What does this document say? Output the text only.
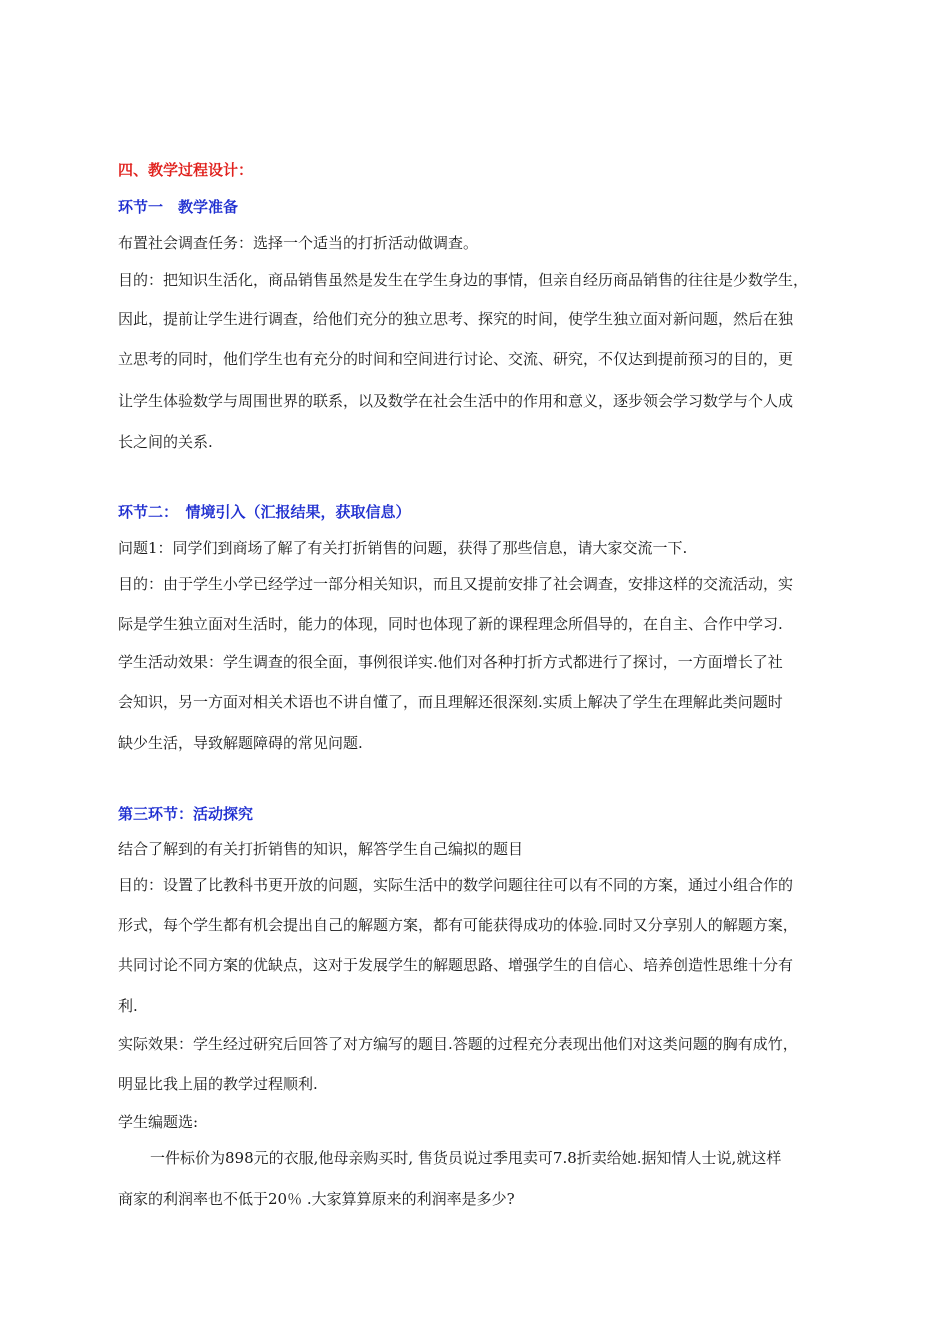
四、教学过程设计：
环节一　教学准备
布置社会调查任务：选择一个适当的打折活动做调查。
目的：把知识生活化，商品销售虽然是发生在学生身边的事情，但亲自经历商品销售的往往是少数学生，
因此，提前让学生进行调查，给他们充分的独立思考、探究的时间，使学生独立面对新问题，然后在独
立思考的同时，他们学生也有充分的时间和空间进行讨论、交流、研究，不仅达到提前预习的目的，更
让学生体验数学与周围世界的联系，以及数学在社会生活中的作用和意义，逐步领会学习数学与个人成
长之间的关系.
环节二：　情境引入（汇报结果，获取信息）
问题1：同学们到商场了解了有关打折销售的问题，获得了那些信息，请大家交流一下.
目的：由于学生小学已经学过一部分相关知识，而且又提前安排了社会调查，安排这样的交流活动，实
际是学生独立面对生活时，能力的体现，同时也体现了新的课程理念所倡导的，在自主、合作中学习.
学生活动效果：学生调查的很全面，事例很详实.他们对各种打折方式都进行了探讨，一方面增长了社
会知识，另一方面对相关术语也不讲自懂了，而且理解还很深刻.实质上解决了学生在理解此类问题时
缺少生活，导致解题障碍的常见问题.
第三环节：活动探究
结合了解到的有关打折销售的知识，解答学生自己编拟的题目
目的：设置了比教科书更开放的问题，实际生活中的数学问题往往可以有不同的方案，通过小组合作的
形式，每个学生都有机会提出自己的解题方案，都有可能获得成功的体验.同时又分享别人的解题方案，
共同讨论不同方案的优缺点，这对于发展学生的解题思路、增强学生的自信心、培养创造性思维十分有
利.
实际效果：学生经过研究后回答了对方编写的题目.答题的过程充分表现出他们对这类问题的胸有成竹，
明显比我上届的教学过程顺利.
学生编题选:
一件标价为898元的衣服,他母亲购买时, 售货员说过季甩卖可7.8折卖给她.据知情人士说,就这样
商家的利润率也不低于20％ .大家算算原来的利润率是多少?
